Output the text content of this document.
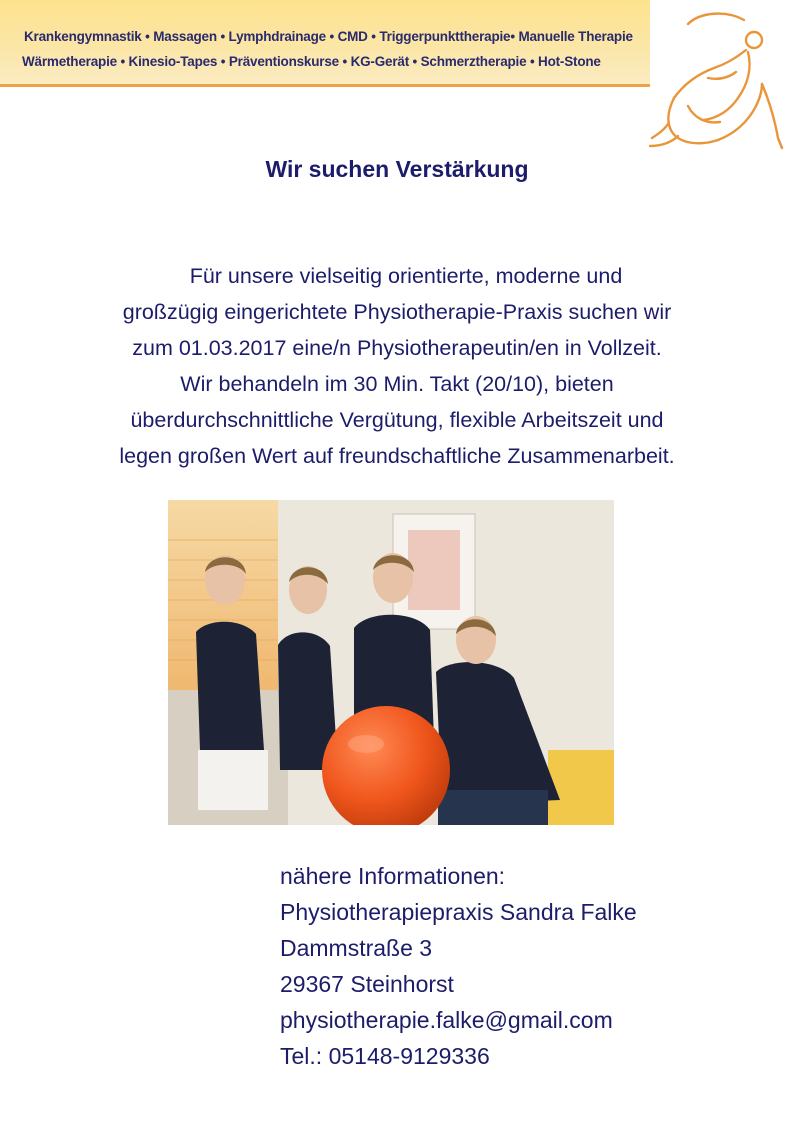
Krankengymnastik • Massagen • Lymphdrainage • CMD • Triggerpunkttherapie• Manuelle Therapie
Wärmetherapie • Kinesio-Tapes • Präventionskurse • KG-Gerät • Schmerztherapie • Hot-Stone
Wir suchen Verstärkung
Für unsere vielseitig orientierte, moderne und
großzügig eingerichtete Physiotherapie-Praxis suchen wir
zum 01.03.2017 eine/n Physiotherapeutin/en in Vollzeit.
Wir behandeln im 30 Min. Takt (20/10), bieten
überdurchschnittliche Vergütung, flexible Arbeitszeit und
legen großen Wert auf freundschaftliche Zusammenarbeit.
nähere Informationen:
Physiotherapiepraxis Sandra Falke
Dammstraße 3
29367 Steinhorst
physiotherapie.falke@gmail.com
Tel.: 05148-9129336
